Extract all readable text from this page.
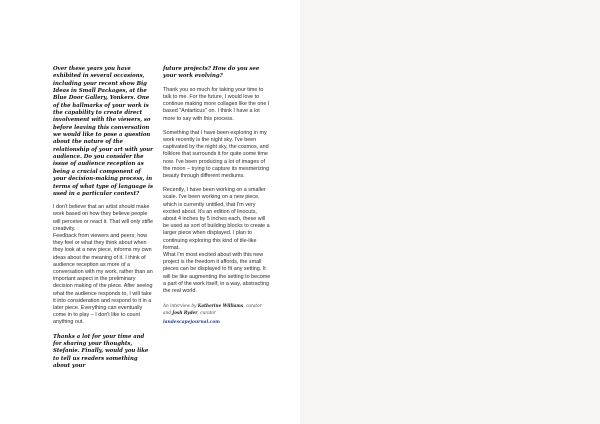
Over these years you have exhibited in several occasions, including your recent show Big Ideas in Small Packages, at the Blue Door Gallery, Yonkers. One of the hallmarks of your work is the capability to create direct involvement with the viewers, so before leaving this conversation we would like to pose a question about the nature of the relationship of your art with your audience. Do you consider the issue of audience reception as being a crucial component of your decision-making process, in terms of what type of language is used in a particular context?

I don't believe that an artist should make work based on how they believe people will perceive or react it. That will only stifle creativity.

Feedback from viewers and peers; how they feel or what they think about when they look at a new piece, informs my own ideas about the meaning of it. I think of audience reception as more of a conversation with my work, rather than an important aspect in the preliminary decision making of the piece. After seeing what the audience responds to, I will take it into consideration and respond to it in a later piece. Everything can eventually come in to play – I don't like to count anything out.

Thanks a lot for your time and for sharing your thoughts, Stefanie. Finally, would you like to tell us readers something about your

future projects? How do you see your work evolving?

Thank you so much for taking your time to talk to me. For the future, I would love to continue making more collages like the one I based "Antarticus" on. I think I have a lot more to say with this process.

Something that I have been exploring in my work recently is the night sky. I've been captivated by the night sky, the cosmos, and folklore that surrounds it for quite some time now. I've been producing a lot of images of the moon – trying to capture its mesmerizing beauty through different mediums.

Recently, I have been working on a smaller scale. I've been working on a new piece, which is currently untitled, that I'm very excited about. It's an edition of linocuts, about 4 inches by 5 inches each, these will be used as sort of building blocks to create a larger piece when displayed. I plan to continuing exploring this kind of tile-like format.

What I'm most excited about with this new project is the freedom it affords, the small pieces can be displayed to fit any setting. It will be like augmenting the setting to become a part of the work itself, in a way, abstracting the real world.

An interview by Katherine Williams, curator
and Josh Ryder, curator
landescapejournal.com
